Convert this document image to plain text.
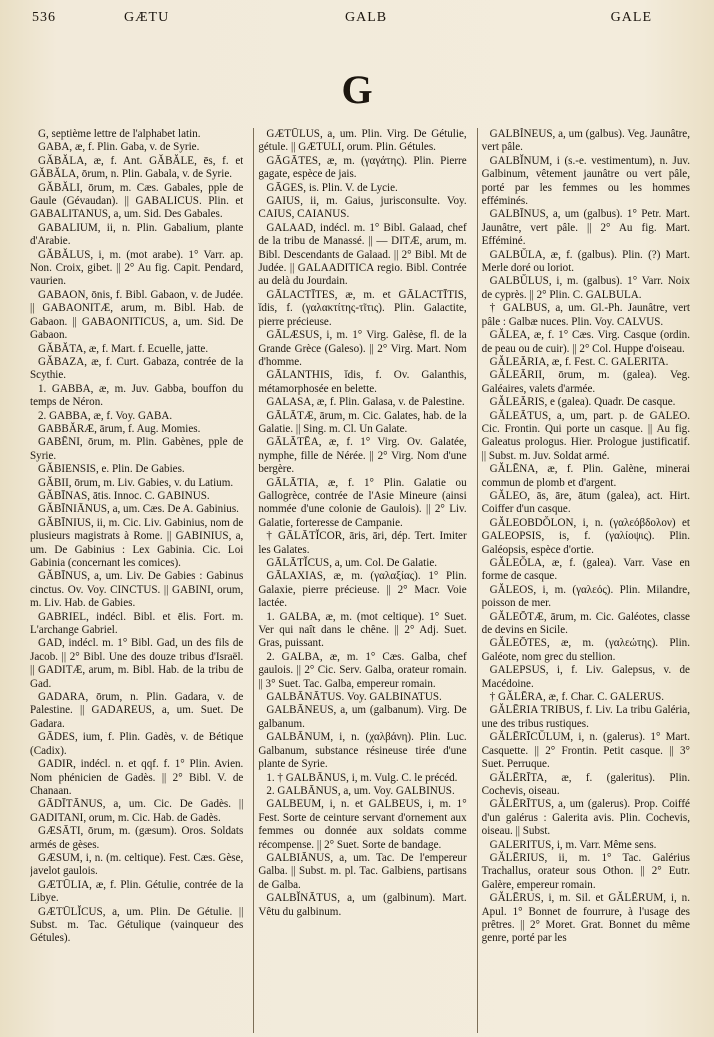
536	GÆTU	GALB	GALE
G

G, septième lettre de l'alphabet latin.

GABA, æ, f. Plin. Gaba, v. de Syrie.

GĂBĂLA, æ, f. Ant. GĂBĂLE, ēs, f. et GĂBĂLA, ōrum, n. Plin. Gabala, v. de Syrie.

GĂBĂLI, ōrum, m. Cæs. Gabales, pple de Gaule (Gévaudan). || GABALICUS. Plin. et GABALITANUS, a, um. Sid. Des Gabales.

GABALIUM, ii, n. Plin. Gabalium, plante d'Arabie.

GĂBĂLUS, i, m. (mot arabe). 1° Varr. ap. Non. Croix, gibet. || 2° Au fig. Capit. Pendard, vaurien.

GABAON, ōnis, f. Bibl. Gabaon, v. de Judée. || GABAONITÆ, arum, m. Bibl. Hab. de Gabaon. || GABAONITICUS, a, um. Sid. De Gabaon.

GĂBĂTA, æ, f. Mart. f. Ecuelle, jatte.

GĂBAZA, æ, f. Curt. Gabaza, contrée de la Scythie.

1. GABBA, æ, m. Juv. Gabba, bouffon du temps de Néron.

2. GABBA, æ, f. Voy. GABA.

GABBĂRÆ, ārum, f. Aug. Momies.

GABĒNI, ōrum, m. Plin. Gabènes, pple de Syrie.

GĂBIENSIS, e. Plin. De Gabies.

GĂBII, ōrum, m. Liv. Gabies, v. du Latium.

GĂBĪNAS, ātis. Innoc. C. GABINUS.

GĂBĪNIĀNUS, a, um. Cæs. De A. Gabinius.

GĂBĪNIUS, ii, m. Cic. Liv. Gabinius, nom de plusieurs magistrats à Rome. || GABINIUS, a, um. De Gabinius : Lex Gabinia. Cic. Loi Gabinia (concernant les comices).

GĂBĪNUS, a, um. Liv. De Gabies : Gabinus cinctus. Ov. Voy. CINCTUS. || GABINI, orum, m. Liv. Hab. de Gabies.

GABRIEL, indécl. Bibl. et ēlis. Fort. m. L'archange Gabriel.

GAD, indécl. m. 1° Bibl. Gad, un des fils de Jacob. || 2° Bibl. Une des douze tribus d'Israël. || GADITÆ, arum, m. Bibl. Hab. de la tribu de Gad.

GADARA, ōrum, n. Plin. Gadara, v. de Palestine. || GADAREUS, a, um. Suet. De Gadara.

GĀDES, ium, f. Plin. Gadès, v. de Bétique (Cadix).

GADIR, indécl. n. et qqf. f. 1° Plin. Avien. Nom phénicien de Gadès. || 2° Bibl. V. de Chanaan.

GĀDĪTĀNUS, a, um. Cic. De Gadès. || GADITANI, orum, m. Cic. Hab. de Gadès.

GÆSĀTI, ōrum, m. (gæsum). Oros. Soldats armés de gèses.

GÆSUM, i, n. (m. celtique). Fest. Cæs. Gèse, javelot gaulois.

GÆTŪLIA, æ, f. Plin. Gétulie, contrée de la Libye.

GÆTŪLĬCUS, a, um. Plin. De Gétulie. || Subst. m. Tac. Gétulique (vainqueur des Gétules).

GÆTŪLUS, a, um. Plin. Virg. De Gétulie, gétule. || GÆTULI, orum. Plin. Gétules.

GĀGĀTES, æ, m. (γαγάτης). Plin. Pierre gagate, espèce de jais.

GĀGES, is. Plin. V. de Lycie.

GAIUS, ii, m. Gaius, jurisconsulte. Voy. CAIUS, CAIANUS.

GALAAD, indécl. m. 1° Bibl. Galaad, chef de la tribu de Manassé. || — DITÆ, arum, m. Bibl. Descendants de Galaad. || 2° Bibl. Mt de Judée. || GALAADITICA regio. Bibl. Contrée au delà du Jourdain.

GĀLACTĪTES, æ, m. et GĀLACTĪTIS, ĭdis, f. (γαλακτίτης-τῖτις). Plin. Galactite, pierre précieuse.

GĀLÆSUS, i, m. 1° Virg. Galèse, fl. de la Grande Grèce (Galeso). || 2° Virg. Mart. Nom d'homme.

GĀLANTHIS, ĭdis, f. Ov. Galanthis, métamorphosée en belette.

GALASA, æ, f. Plin. Galasa, v. de Palestine.

GĀLĀTÆ, ārum, m. Cic. Galates, hab. de la Galatie. || Sing. m. Cl. Un Galate.

GĀLĀTĒA, æ, f. 1° Virg. Ov. Galatée, nymphe, fille de Nérée. || 2° Virg. Nom d'une bergère.

GĀLĀTIA, æ, f. 1° Plin. Galatie ou Gallogrèce, contrée de l'Asie Mineure (ainsi nommée d'une colonie de Gaulois). || 2° Liv. Galatie, forteresse de Campanie.

† GĀLĀTĬCOR, āris, āri, dép. Tert. Imiter les Galates.

GĀLĀTĬCUS, a, um. Col. De Galatie.

GĀLAXIAS, æ, m. (γαλαξίας). 1° Plin. Galaxie, pierre précieuse. || 2° Macr. Voie lactée.

1. GALBA, æ, m. (mot celtique). 1° Suet. Ver qui naît dans le chêne. || 2° Adj. Suet. Gras, puissant.

2. GALBA, æ, m. 1° Cæs. Galba, chef gaulois. || 2° Cic. Serv. Galba, orateur romain. || 3° Suet. Tac. Galba, empereur romain.

GALBĀNĀTUS. Voy. GALBINATUS.

GALBĀNEUS, a, um (galbanum). Virg. De galbanum.

GALBĀNUM, i, n. (χαλβάνη). Plin. Luc. Galbanum, substance résineuse tirée d'une plante de Syrie.

1. † GALBĀNUS, i, m. Vulg. C. le précéd.

2. GALBĀNUS, a, um. Voy. GALBINUS.

GALBEUM, i, n. et GALBEUS, i, m. 1° Fest. Sorte de ceinture servant d'ornement aux femmes ou donnée aux soldats comme récompense. || 2° Suet. Sorte de bandage.

GALBIĀNUS, a, um. Tac. De l'empereur Galba. || Subst. m. pl. Tac. Galbiens, partisans de Galba.

GALBĬNĀTUS, a, um (galbinum). Mart. Vêtu du galbinum.

GALBĬNEUS, a, um (galbus). Veg. Jaunâtre, vert pâle.

GALBĬNUM, i (s.-e. vestimentum), n. Juv. Galbinum, vêtement jaunâtre ou vert pâle, porté par les femmes ou les hommes efféminés.

GALBĪNUS, a, um (galbus). 1° Petr. Mart. Jaunâtre, vert pâle. || 2° Au fig. Mart. Efféminé.

GALBŬLA, æ, f. (galbus). Plin. (?) Mart. Merle doré ou loriot.

GALBŬLUS, i, m. (galbus). 1° Varr. Noix de cyprès. || 2° Plin. C. GALBULA.

† GALBUS, a, um. Gl.-Ph. Jaunâtre, vert pâle : Galbæ nuces. Plin. Voy. CALVUS.

GĂLEA, æ, f. 1° Cæs. Virg. Casque (ordin. de peau ou de cuir). || 2° Col. Huppe d'oiseau.

GĂLEĀRIA, æ, f. Fest. C. GALERITA.

GĂLEĀRII, ōrum, m. (galea). Veg. Galéaires, valets d'armée.

GĂLEĀRIS, e (galea). Quadr. De casque.

GĂLEĀTUS, a, um, part. p. de GALEO. Cic. Frontin. Qui porte un casque. || Au fig. Galeatus prologus. Hier. Prologue justificatif. || Subst. m. Juv. Soldat armé.

GĂLĒNA, æ, f. Plin. Galène, minerai commun de plomb et d'argent.

GĂLEO, ās, āre, ātum (galea), act. Hirt. Coiffer d'un casque.

GĂLEOBDŎLON, i, n. (γαλεόβδολον) et GALEOPSIS, is, f. (γαλίοψις). Plin. Galéopsis, espèce d'ortie.

GĂLEŎLA, æ, f. (galea). Varr. Vase en forme de casque.

GĂLEOS, i, m. (γαλεός). Plin. Milandre, poisson de mer.

GĂLEŌTÆ, ārum, m. Cic. Galéotes, classe de devins en Sicile.

GĂLEŌTES, æ, m. (γαλεώτης). Plin. Galéote, nom grec du stellion.

GALEPSUS, i, f. Liv. Galepsus, v. de Macédoine.

† GĂLĒRA, æ, f. Char. C. GALERUS.

GĂLĒRIA TRIBUS, f. Liv. La tribu Galéria, une des tribus rustiques.

GĂLĒRĪCŬLUM, i, n. (galerus). 1° Mart. Casquette. || 2° Frontin. Petit casque. || 3° Suet. Perruque.

GĂLĒRĪTA, æ, f. (galeritus). Plin. Cochevis, oiseau.

GĂLĒRĪTUS, a, um (galerus). Prop. Coiffé d'un galérus : Galerita avis. Plin. Cochevis, oiseau. || Subst.

GALERITUS, i, m. Varr. Même sens.

GĂLĒRIUS, ii, m. 1° Tac. Galérius Trachallus, orateur sous Othon. || 2° Eutr. Galère, empereur romain.

GĂLĒRUS, i, m. Sil. et GĂLĒRUM, i, n. Apul. 1° Bonnet de fourrure, à l'usage des prêtres. || 2° Moret. Grat. Bonnet du même genre, porté par les
